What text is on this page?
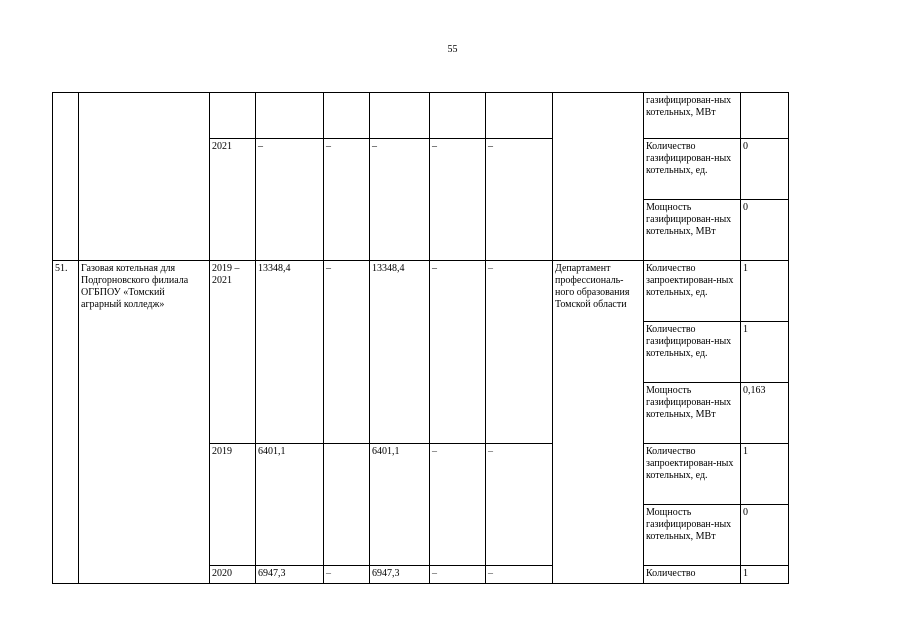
55
									газифицирован-ных котельных, МВт	
		2021	–	–	–	–	–		Количество газифицирован-ных котельных, ед.	0
									Мощность газифицирован-ных котельных, МВт	0
51.	Газовая котельная для Подгорновского филиала ОГБПОУ «Томский аграрный колледж»	2019 – 2021	13348,4	–	13348,4	–	–	Департамент профессиональ-ного образования Томской области	Количество запроектирован-ных котельных, ед.	1
									Количество газифицирован-ных котельных, ед.	1
									Мощность газифицирован-ных котельных, МВт	0,163
		2019	6401,1		6401,1	–	–		Количество запроектирован-ных котельных, ед.	1
									Мощность газифицирован-ных котельных, МВт	0
		2020	6947,3	–	6947,3	–	–		Количество	1
